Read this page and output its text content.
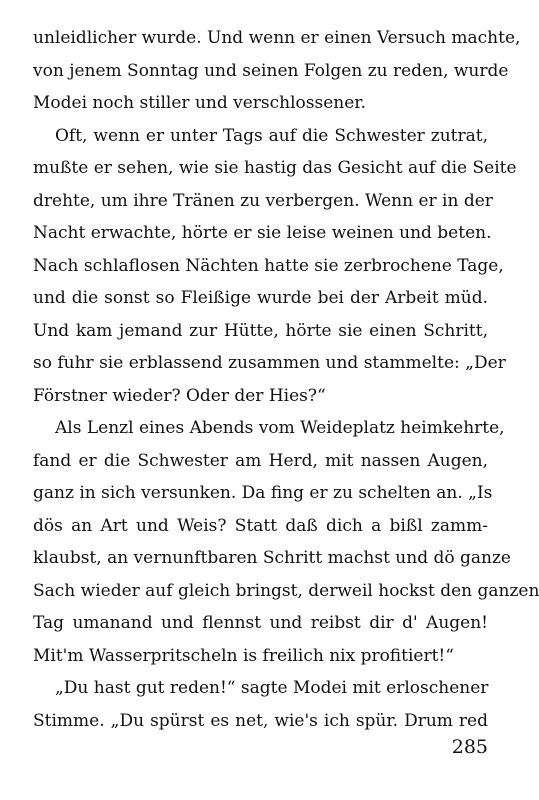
unleidlicher wurde. Und wenn er einen Versuch machte,
von jenem Sonntag und seinen Folgen zu reden, wurde
Modei noch stiller und verschlossener.
Oft, wenn er unter Tags auf die Schwester zutrat,
mußte er sehen, wie sie hastig das Gesicht auf die Seite
drehte, um ihre Tränen zu verbergen. Wenn er in der
Nacht erwachte, hörte er sie leise weinen und beten.
Nach schlaflosen Nächten hatte sie zerbrochene Tage,
und die sonst so Fleißige wurde bei der Arbeit müd.
Und kam jemand zur Hütte, hörte sie einen Schritt,
so fuhr sie erblassend zusammen und stammelte: „Der
Förstner wieder? Oder der Hies?“
Als Lenzl eines Abends vom Weideplatz heimkehrte,
fand er die Schwester am Herd, mit nassen Augen,
ganz in sich versunken. Da fing er zu schelten an. „Is
dös an Art und Weis? Statt daß dich a bißl zamm-
klaubst, an vernunftbaren Schritt machst und dö ganze
Sach wieder auf gleich bringst, derweil hockst den ganzen
Tag umanand und flennst und reibst dir d' Augen!
Mit'm Wasserpritscheln is freilich nix profitiert!“
„Du hast gut reden!“ sagte Modei mit erloschener
Stimme. „Du spürst es net, wie's ich spür. Drum red
285
